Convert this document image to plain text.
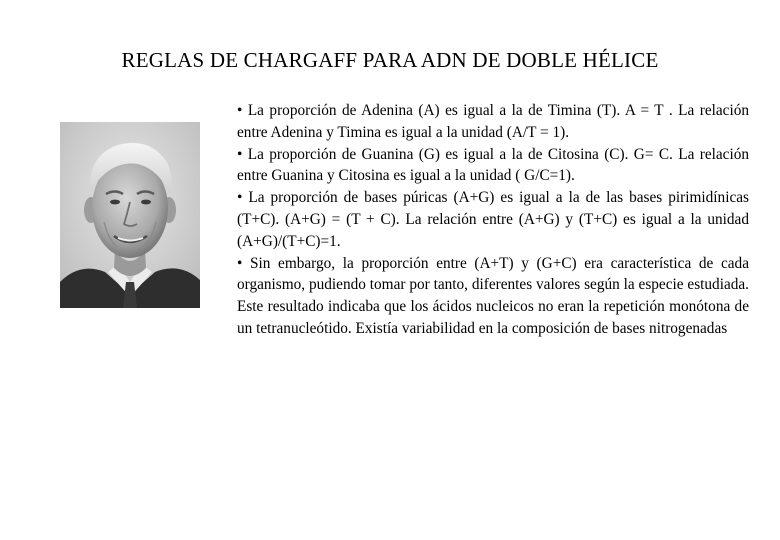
REGLAS DE CHARGAFF PARA ADN DE DOBLE HÉLICE

• La proporción de Adenina (A) es igual a la de Timina (T). A = T . La relación entre Adenina y Timina es igual a la unidad (A/T = 1).

• La proporción de Guanina (G) es igual a la de Citosina (C). G= C. La relación entre Guanina y Citosina es igual a la unidad ( G/C=1).

• La proporción de bases púricas (A+G) es igual a la de las bases pirimidínicas (T+C). (A+G) = (T + C). La relación entre (A+G) y (T+C) es igual a la unidad (A+G)/(T+C)=1.

• Sin embargo, la proporción entre (A+T) y (G+C) era característica de cada organismo, pudiendo tomar por tanto, diferentes valores según la especie estudiada. Este resultado indicaba que los ácidos nucleicos no eran la repetición monótona de un tetranucleótido. Existía variabilidad en la composición de bases nitrogenadas
